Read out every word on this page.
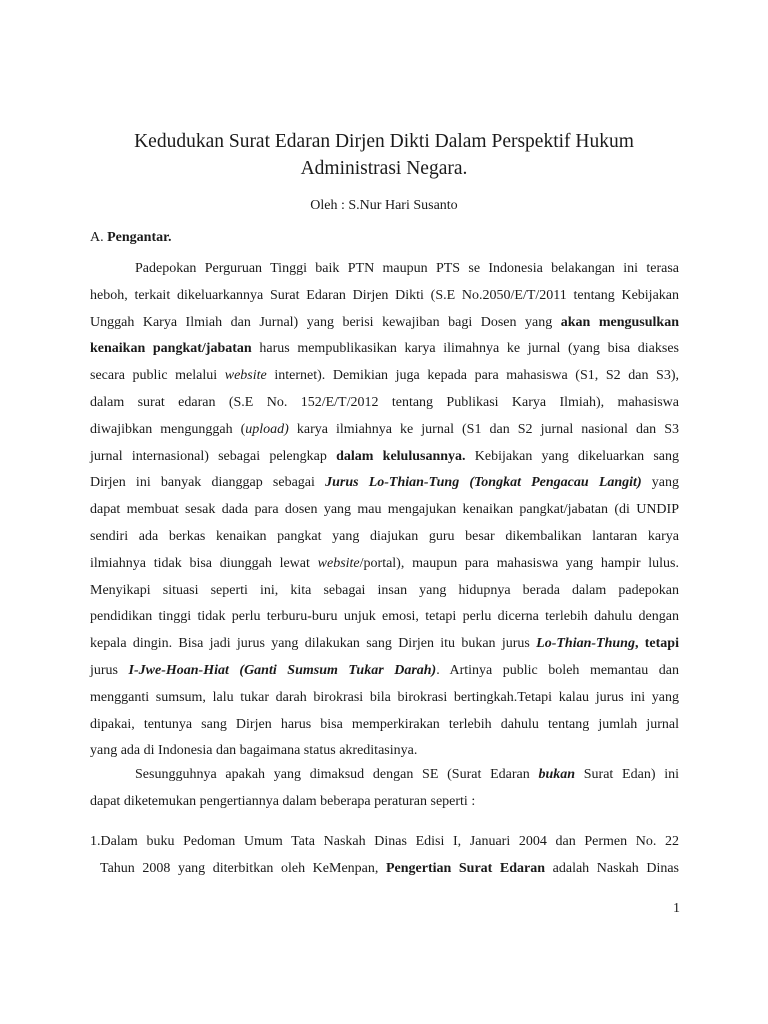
Kedudukan Surat Edaran Dirjen Dikti Dalam Perspektif Hukum
Administrasi Negara.
Oleh : S.Nur Hari Susanto
A. Pengantar.
Padepokan Perguruan Tinggi baik PTN maupun PTS se Indonesia belakangan ini terasa
heboh, terkait dikeluarkannya Surat Edaran Dirjen Dikti (S.E No.2050/E/T/2011 tentang Kebijakan
Unggah Karya Ilmiah dan Jurnal) yang berisi kewajiban bagi Dosen yang akan mengusulkan
kenaikan pangkat/jabatan harus mempublikasikan karya ilimahnya ke jurnal (yang bisa diakses
secara public melalui website internet). Demikian juga kepada para mahasiswa (S1, S2 dan S3),
dalam surat edaran (S.E No. 152/E/T/2012 tentang Publikasi Karya Ilmiah), mahasiswa
diwajibkan mengunggah (upload) karya ilmiahnya ke jurnal (S1 dan S2 jurnal nasional dan S3
jurnal internasional) sebagai pelengkap dalam kelulusannya. Kebijakan yang dikeluarkan sang
Dirjen ini banyak dianggap sebagai Jurus Lo-Thian-Tung (Tongkat Pengacau Langit) yang
dapat membuat sesak dada para dosen yang mau mengajukan kenaikan pangkat/jabatan (di UNDIP
sendiri ada berkas kenaikan pangkat yang diajukan guru besar dikembalikan lantaran karya
ilmiahnya tidak bisa diunggah lewat website/portal), maupun para mahasiswa yang hampir lulus.
Menyikapi situasi seperti ini, kita sebagai insan yang hidupnya berada dalam padepokan
pendidikan tinggi tidak perlu terburu-buru unjuk emosi, tetapi perlu dicerna terlebih dahulu dengan
kepala dingin. Bisa jadi jurus yang dilakukan sang Dirjen itu bukan jurus Lo-Thian-Thung, tetapi
jurus I-Jwe-Hoan-Hiat (Ganti Sumsum Tukar Darah). Artinya public boleh memantau dan
mengganti sumsum, lalu tukar darah birokrasi bila birokrasi bertingkah.Tetapi kalau jurus ini yang
dipakai, tentunya sang Dirjen harus bisa memperkirakan terlebih dahulu tentang jumlah jurnal
yang ada di Indonesia dan bagaimana status akreditasinya.
Sesungguhnya apakah yang dimaksud dengan SE (Surat Edaran bukan Surat Edan) ini
dapat diketemukan pengertiannya dalam beberapa peraturan seperti :
1.Dalam buku Pedoman Umum Tata Naskah Dinas Edisi I, Januari 2004 dan Permen No. 22
Tahun 2008 yang diterbitkan oleh KeMenpan, Pengertian Surat Edaran adalah Naskah Dinas
1
